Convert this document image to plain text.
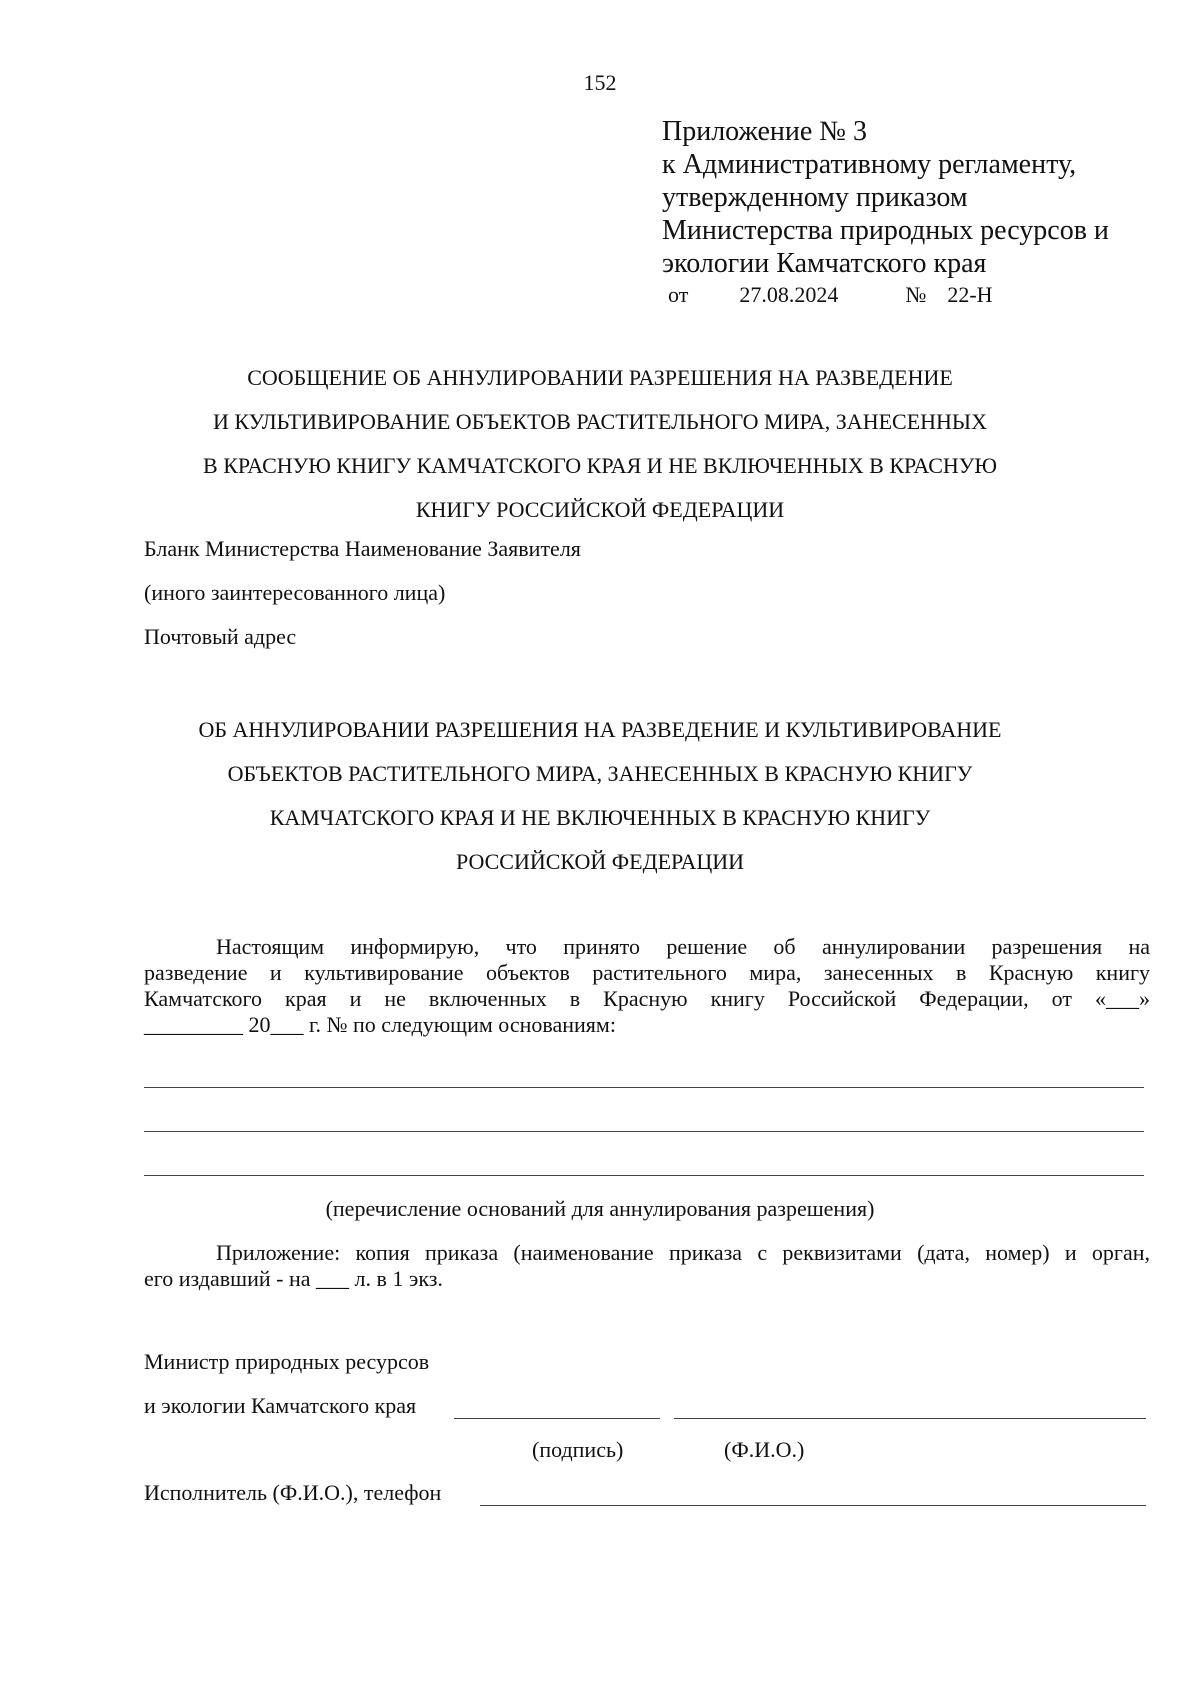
152
Приложение № 3
к Административному регламенту,
утвержденному приказом
Министерства природных ресурсов и
экологии Камчатского края
от 27.08.2024	№ 22-Н
СООБЩЕНИЕ ОБ АННУЛИРОВАНИИ РАЗРЕШЕНИЯ НА РАЗВЕДЕНИЕ
И КУЛЬТИВИРОВАНИЕ ОБЪЕКТОВ РАСТИТЕЛЬНОГО МИРА, ЗАНЕСЕННЫХ
В КРАСНУЮ КНИГУ КАМЧАТСКОГО КРАЯ И НЕ ВКЛЮЧЕННЫХ В КРАСНУЮ
КНИГУ РОССИЙСКОЙ ФЕДЕРАЦИИ
Бланк Министерства Наименование Заявителя
(иного заинтересованного лица)
Почтовый адрес
ОБ АННУЛИРОВАНИИ РАЗРЕШЕНИЯ НА РАЗВЕДЕНИЕ И КУЛЬТИВИРОВАНИЕ
ОБЪЕКТОВ РАСТИТЕЛЬНОГО МИРА, ЗАНЕСЕННЫХ В КРАСНУЮ КНИГУ
КАМЧАТСКОГО КРАЯ И НЕ ВКЛЮЧЕННЫХ В КРАСНУЮ КНИГУ
РОССИЙСКОЙ ФЕДЕРАЦИИ
Настоящим информирую, что принято решение об аннулировании разрешения на
разведение и культивирование объектов растительного мира, занесенных в Красную книгу
Камчатского края и не включенных в Красную книгу Российской Федерации, от «___»
_________ 20___ г. № по следующим основаниям:
(перечисление оснований для аннулирования разрешения)
Приложение: копия приказа (наименование приказа с реквизитами (дата, номер) и орган,
его издавший - на ___ л. в 1 экз.
Министр природных ресурсов
и экологии Камчатского края
(подпись)	(Ф.И.О.)
Исполнитель (Ф.И.О.), телефон
